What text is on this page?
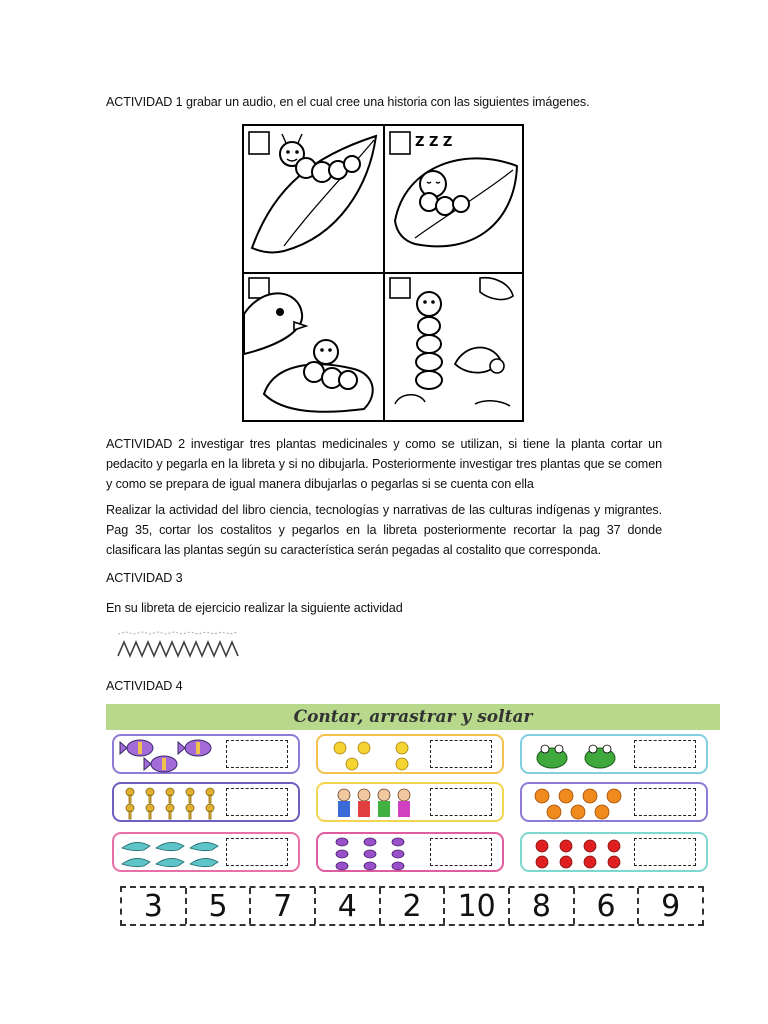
ACTIVIDAD 1 grabar un audio, en el cual cree una historia con las siguientes imágenes.
Z Z Z
ACTIVIDAD 2 investigar tres plantas medicinales y como se utilizan, si tiene la planta cortar un pedacito y pegarla en la libreta y si no dibujarla. Posteriormente investigar tres plantas que se comen y como se prepara de igual manera dibujarlas o pegarlas si se cuenta con ella
Realizar la actividad del libro ciencia, tecnologías y narrativas de las culturas indígenas y migrantes. Pag 35, cortar los costalitos y pegarlos en la libreta posteriormente recortar la pag 37 donde clasificara las plantas según su característica serán pegadas al costalito que corresponda.
ACTIVIDAD 3
En su libreta de ejercicio realizar la siguiente actividad
ACTIVIDAD 4
Contar, arrastrar y soltar
3	5	7	4	2	10	8	6	9
